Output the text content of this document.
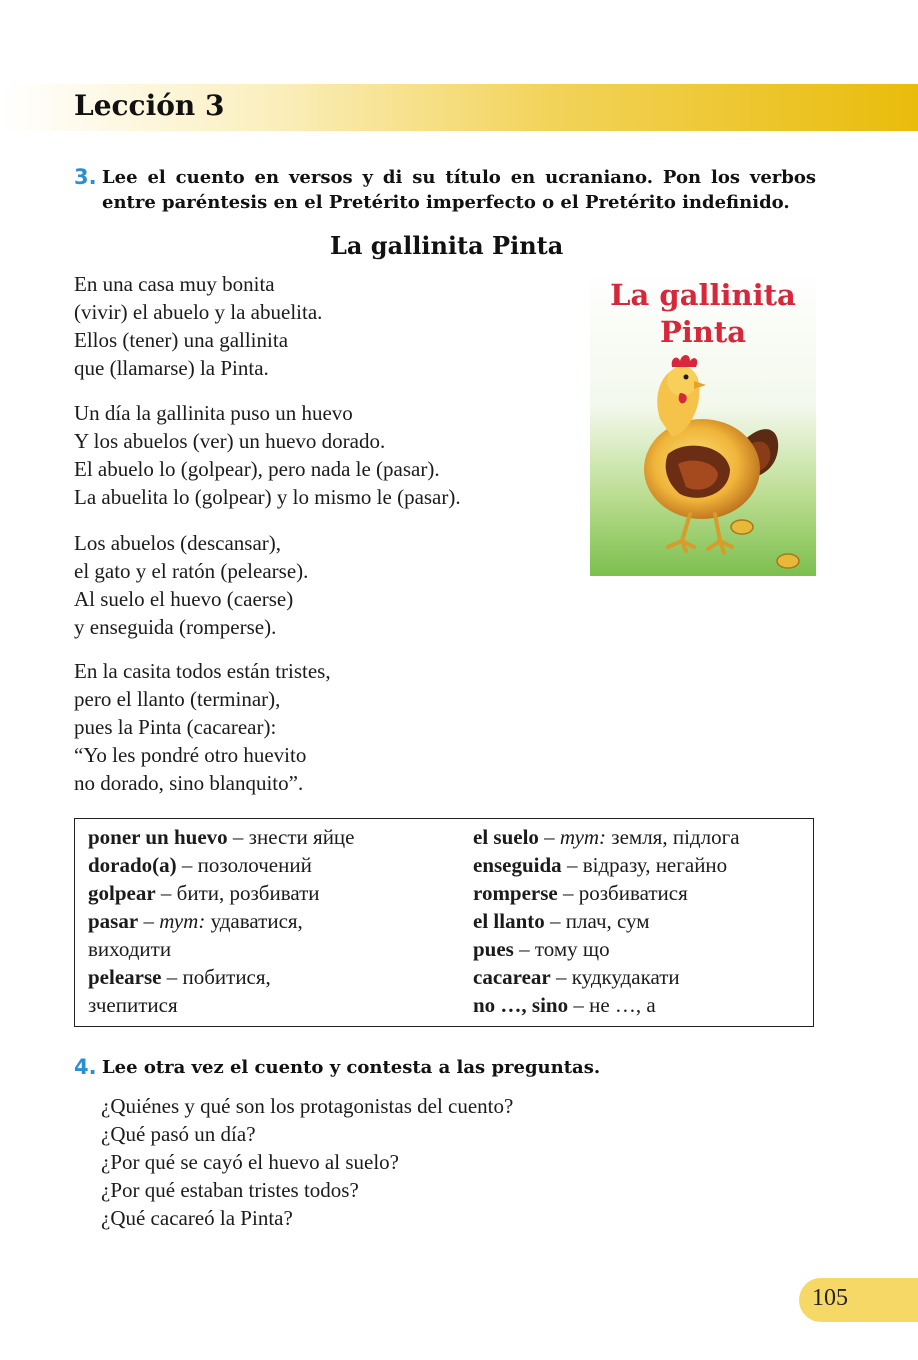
Lección 3
3. Lee el cuento en versos y di su título en ucraniano. Pon los verbos
entre paréntesis en el Pretérito imperfecto o el Pretérito indefinido.
La gallinita Pinta
En una casa muy bonita
(vivir) el abuelo y la abuelita.
Ellos (tener) una gallinita
que (llamarse) la Pinta.
Un día la gallinita puso un huevo
Y los abuelos (ver) un huevo dorado.
El abuelo lo (golpear), pero nada le (pasar).
La abuelita lo (golpear) y lo mismo le (pasar).
Los abuelos (descansar),
el gato y el ratón (pelearse).
Al suelo el huevo (caerse)
y enseguida (romperse).
En la casita todos están tristes,
pero el llanto (terminar),
pues la Pinta (cacarear):
“Yo les pondré otro huevito
no dorado, sino blanquito”.
La gallinita
Pinta
poner un huevo – знести яйце
dorado(a) – позолочений
golpear – бити, розбивати
pasar – тут: удаватися,
виходити
pelearse – побитися,
зчепитися
el suelo – тут: земля, підлога
enseguida – відразу, негайно
romperse – розбиватися
el llanto – плач, сум
pues – тому що
cacarear – кудкудакати
no …, sino – не …, а
4. Lee otra vez el cuento y contesta a las preguntas.
¿Quiénes y qué son los protagonistas del cuento?
¿Qué pasó un día?
¿Por qué se cayó el huevo al suelo?
¿Por qué estaban tristes todos?
¿Qué cacareó la Pinta?
105
